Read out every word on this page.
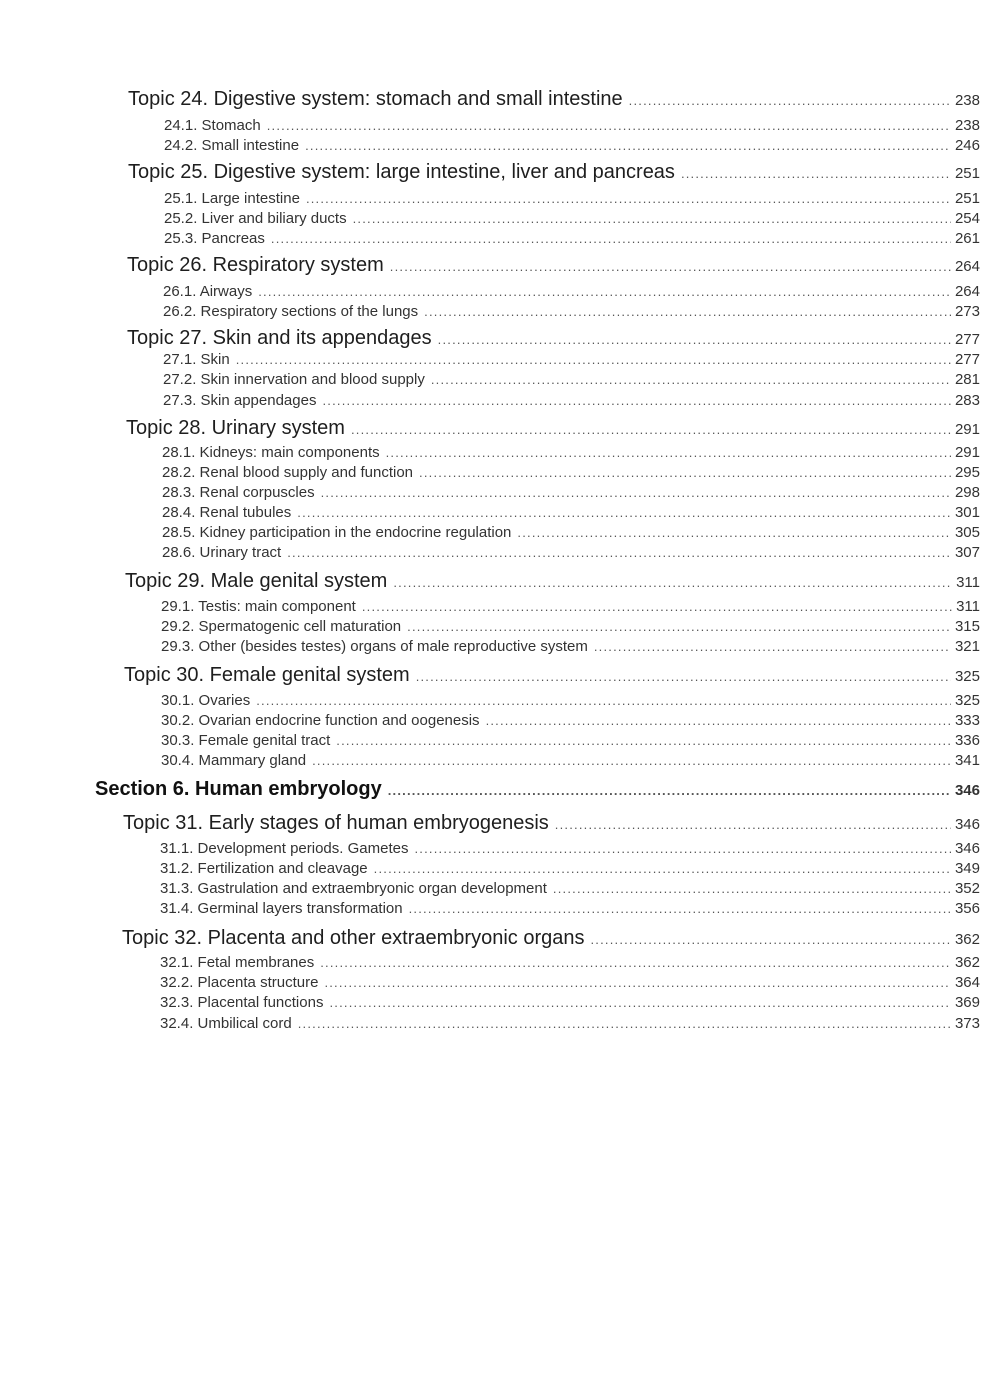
Topic 24. Digestive system: stomach and small intestine .....	238
24.1. Stomach .....	238
24.2. Small intestine .....	246
Topic 25. Digestive system: large intestine, liver and pancreas .....	251
25.1. Large intestine .....	251
25.2. Liver and biliary ducts .....	254
25.3. Pancreas .....	261
Topic 26. Respiratory system .....	264
26.1. Airways .....	264
26.2. Respiratory sections of the lungs .....	273
Topic 27. Skin and its appendages .....	277
27.1. Skin .....	277
27.2. Skin innervation and blood supply .....	281
27.3. Skin appendages .....	283
Topic 28. Urinary system .....	291
28.1. Kidneys: main components .....	291
28.2. Renal blood supply and function .....	295
28.3. Renal corpuscles .....	298
28.4. Renal tubules .....	301
28.5. Kidney participation in the endocrine regulation .....	305
28.6. Urinary tract .....	307
Topic 29. Male genital system .....	311
29.1. Testis: main component .....	311
29.2. Spermatogenic cell maturation .....	315
29.3. Other (besides testes) organs of male reproductive system .....	321
Topic 30. Female genital system .....	325
30.1. Ovaries .....	325
30.2. Ovarian endocrine function and oogenesis .....	333
30.3. Female genital tract .....	336
30.4. Mammary gland .....	341
Section 6. Human embryology .....	346
Topic 31. Early stages of human embryogenesis .....	346
31.1. Development periods. Gametes .....	346
31.2. Fertilization and cleavage .....	349
31.3. Gastrulation and extraembryonic organ development .....	352
31.4. Germinal layers transformation .....	356
Topic 32. Placenta and other extraembryonic organs .....	362
32.1. Fetal membranes .....	362
32.2. Placenta structure .....	364
32.3. Placental functions .....	369
32.4. Umbilical cord .....	373
